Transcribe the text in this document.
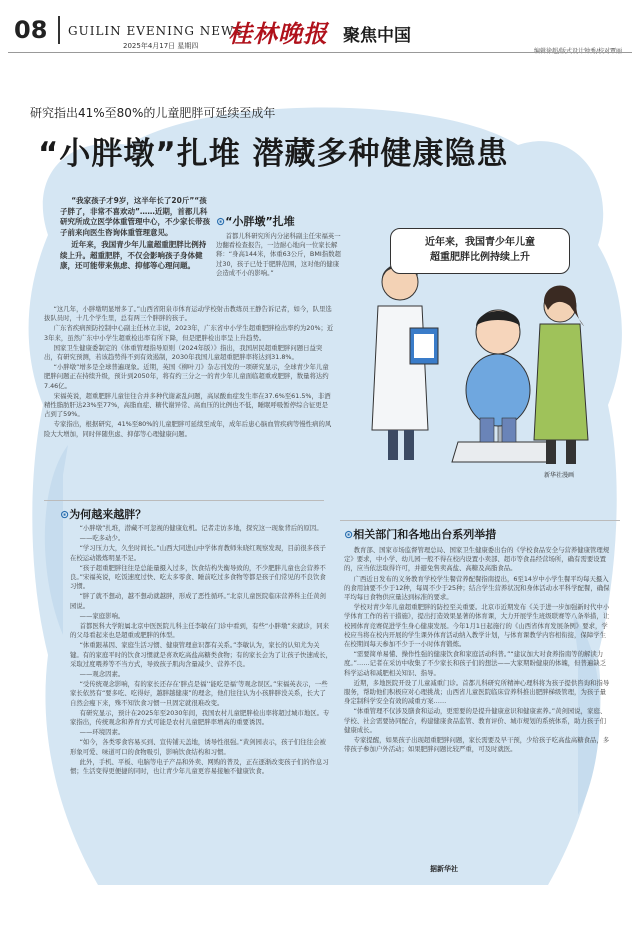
08 GUILIN EVENING NEWS
2025年4月17日 星期四 桂林晚报 聚焦中国
研究指出41%至80%的儿童肥胖可延续至成年
“小胖墩”扎堆 潜藏多种健康隐患

“我家孩子才9岁，这半年长了20斤”“孩子胖了，非常不喜欢动”……近期，首都儿科研究所成立医学体重管理中心，不少家长带孩子前来向医生咨询体重管理意见。

近年来，我国青少年儿童超重肥胖比例持续上升。超重肥胖，不仅会影响孩子身体健康，还可能带来焦虑、抑郁等心理问题。

⊙“小胖墩”扎堆

首都儿科研究所内分泌科副主任宋福英一边翻看检查报告，一边耐心地向一位家长解释：“身高144米，体重63公斤，BMI指数超过30，孩子已处于肥胖范围，这对他的健康会造成不小的影响。”

“这几年，小胖墩明显增多了。”山西省阳泉市体育运动学校射击教练员王静告诉记者，如今，队里选拔队员时，十几个学生里，总有两三个胖胖的孩子。

广东省疾病预防控制中心副主任林立丰说，2023年，广东省中小学生超重肥胖检出率约为20%；近3年来，虽然广东中小学生超重检出率有所下降，但是肥胖检出率呈上升趋势。

国家卫生健康委制定的《体重管理指导原则（2024年版）》指出，我国居民超重肥胖问题日益突出，有研究预测，若该趋势得不到有效遏制，2030年我国儿童超重肥胖率将达到31.8%。

“小胖墩”增多是全球普遍现象。近期，英国《柳叶刀》杂志刊发的一项研究显示，全球青少年儿童肥胖问题正在持续升级，预计到2050年，将有约三分之一的青少年儿童面临超重或肥胖，数量将达约7.46亿。

宋福英说，超重肥胖儿童往往合并多种代谢紊乱问题，高尿酸血症发生率在37.6%至61.5%，非酒精性脂肪肝达23%至77%，高脂血症、糖代谢异常、高血压的比例也不低，睡眠呼吸暂停综合征更是占到了59%。

专家指出，根据研究，41%至80%的儿童肥胖可延续至成年，成年后患心脑血管疾病等慢性病的风险大大增加，同时伴随焦虑、抑郁等心理健康问题。

⊙为何越来越胖？

“小胖墩”扎堆，潜藏不可忽视的健康危机。记者走访多地，探究这一现象背后的原因。

——吃多动少。

“学习压力大，久坐时间长。”山西大同进山中学体育教师朱晓红观察发现，目前很多孩子在校运动锻炼明显不足。

“孩子超重肥胖往往是总能量摄入过多，饮食结构失衡导致的，不少肥胖儿童也会营养不良。”宋福英说，吃饭速度过快、吃太多零食、睡前吃过多食物等都是孩子们常见的不良饮食习惯。

“胖了就不想动，越不想动就越胖，形成了恶性循环。”北京儿童医院临床营养科主任黄剑园说。

——家庭影响。

首都医科大学附属北京中医医院儿科主任李敏在门诊中看到，有些“小胖墩”来就诊，同来的父母看起来也是超重或肥胖的体型。

“体重跟基因、家庭生活习惯、健康管理意识都有关系。”李敏认为，家长的认知尤为关键。有的家庭平时的饮食习惯就是喜欢吃高盐高糖类食物；有的家长会为了让孩子快速成长，采取过度喂养等不当方式，导致孩子肌肉含量减少、营养不良。

——观念因素。

“受传统观念影响，有的家长还存在‘胖点是福’‘能吃是福’等观念误区。”宋福英表示，一些家长依然有“要多吃、吃得好，越胖越健康”的理念，他们往往认为小孩胖胖没关系，长大了自然会瘦下来，殊不知饮食习惯一旦固定就很难改变。

有研究显示，预计在2025年至2030年间，我国农村儿童肥胖检出率将超过城市地区。专家指出，传统观念和养育方式可能是农村儿童肥胖率增高的重要诱因。

——环境因素。

“如今，各类零食容易买到、宣传铺天盖地，诱导性很强。”黄剑园表示，孩子们往往会被形象可爱、味道可口的食物吸引，影响饮食结构和习惯。

此外，手机、平板、电脑等电子产品和外卖、网购的普及，正在逐渐改变孩子们的作息习惯；生活变得更便捷的同时，也让青少年儿童更容易接触不健康饮食。

近年来，我国青少年儿童
超重肥胖比例持续上升
新华社漫画
⊙相关部门和各地出台系列举措

教育部、国家市场监督管理总局、国家卫生健康委出台的《学校食品安全与营养健康管理规定》要求，中小学、幼儿园一般不得在校内设置小卖部、超市等食品经营场所，确有需要设置的，应当依法取得许可，并避免售卖高盐、高糖及高脂食品。

广西近日发布的义务教育学校学生餐营养配餐指南提出，6至14岁中小学生餐平均每天摄入的食用油要不少于12种，每周不少于25种；结合学生营养状况和身体活动水平科学配餐，确保平均每日食物供应量达到标准的要求。

学校对青少年儿童超重肥胖的防控至关重要。北京市近期发布《关于进一步加强新时代中小学体育工作的若干措施》，提出打造效果显著的体育课，大力开展学生班级联赛等八条举措，让校园体育竞赛促进学生身心健康发展。今年1月1日起施行的《山西省体育发展条例》要求，学校应当将在校内开展的学生课外体育活动纳入教学计划，与体育课教学内容相衔接，保障学生在校期间每天参加不少于一小时体育锻炼。

“需要简单易懂、操作性强的健康饮食和家庭活动科普。”“建议加大对食养指南等的解读力度。”……记者在采访中收集了不少家长和孩子们的想法——大家期盼健康的体魄，但普遍缺乏科学运动和减肥相关知识、指导。

近期，多地医院开设了儿童减重门诊。首都儿科研究所精神心理科将为孩子提供咨询和指导服务，帮助他们积极应对心理挑战；山西省儿童医院临床营养科推出肥胖梯级管理，为孩子量身定制科学安全有效的减重方案……

“体重管理不仅涉及膳食和运动，更需要的是提升健康意识和健康素养。”黄剑园说，家庭、学校、社会需要协同配合，构建健康食品监管、教育评价、城市规划的系统体系，助力孩子们健康成长。

专家提醒，如果孩子出现超重肥胖问题，家长需要及早干预，少给孩子吃高盐高糖食品，多带孩子参加户外活动；如果肥胖问题比较严重，可及时就医。

据新华社
